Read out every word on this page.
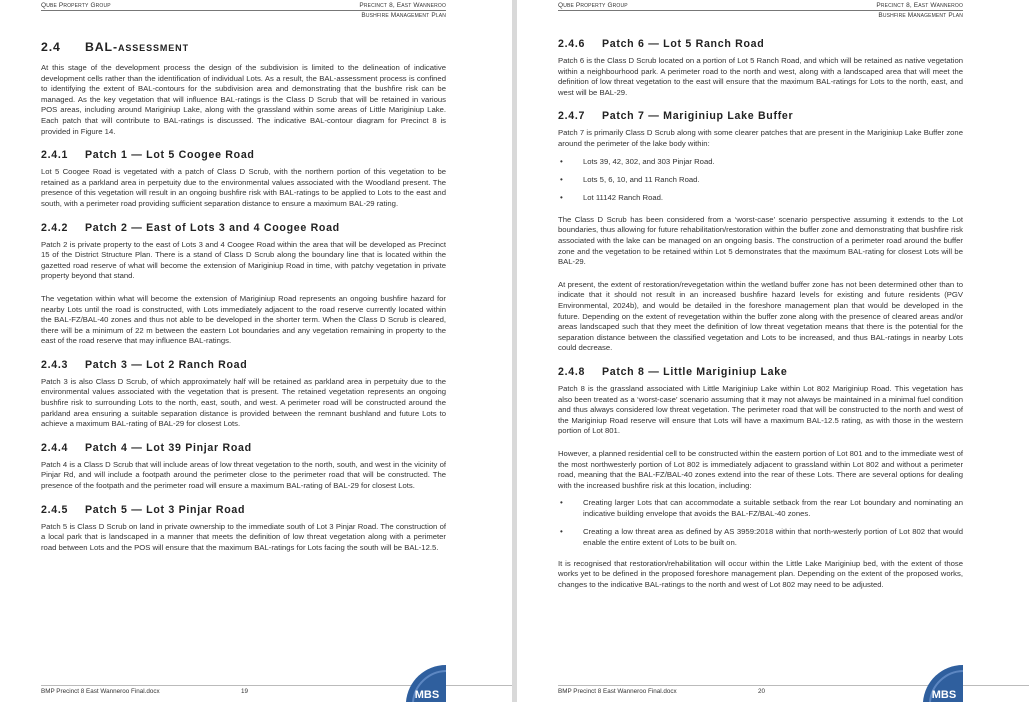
Qube Property Group	Precinct 8, East Wanneroo
Bushfire Management Plan
2.4 BAL-assessment

At this stage of the development process the design of the subdivision is limited to the delineation of indicative development cells rather than the identification of individual Lots. As a result, the BAL-assessment process is confined to identifying the extent of BAL-contours for the subdivision area and demonstrating that the bushfire risk can be managed. As the key vegetation that will influence BAL-ratings is the Class D Scrub that will be retained in various POS areas, including around Mariginiup Lake, along with the grassland within some areas of Little Mariginiup Lake. Each patch that will contribute to BAL-ratings is discussed. The indicative BAL-contour diagram for Precinct 8 is provided in Figure 14.

2.4.1 Patch 1 — Lot 5 Coogee Road

Lot 5 Coogee Road is vegetated with a patch of Class D Scrub, with the northern portion of this vegetation to be retained as a parkland area in perpetuity due to the environmental values associated with the Woodland present. The presence of this vegetation will result in an ongoing bushfire risk with BAL-ratings to be applied to Lots to the east and south, with a perimeter road providing sufficient separation distance to ensure a maximum BAL-29 rating.

2.4.2 Patch 2 — East of Lots 3 and 4 Coogee Road

Patch 2 is private property to the east of Lots 3 and 4 Coogee Road within the area that will be developed as Precinct 15 of the District Structure Plan. There is a stand of Class D Scrub along the boundary line that is located within the gazetted road reserve of what will become the extension of Mariginiup Road in time, with patchy vegetation in private property beyond that stand.

The vegetation within what will become the extension of Mariginiup Road represents an ongoing bushfire hazard for nearby Lots until the road is constructed, with Lots immediately adjacent to the road reserve currently located within the BAL-FZ/BAL-40 zones and thus not able to be developed in the shorter term. When the Class D Scrub is cleared, there will be a minimum of 22 m between the eastern Lot boundaries and any vegetation remaining in property to the east of the road reserve that may influence BAL-ratings.

2.4.3 Patch 3 — Lot 2 Ranch Road

Patch 3 is also Class D Scrub, of which approximately half will be retained as parkland area in perpetuity due to the environmental values associated with the vegetation that is present. The retained vegetation represents an ongoing bushfire risk to surrounding Lots to the north, east, south, and west. A perimeter road will be constructed around the parkland area ensuring a suitable separation distance is provided between the remnant bushland and future Lots to achieve a maximum BAL-rating of BAL-29 for closest Lots.

2.4.4 Patch 4 — Lot 39 Pinjar Road

Patch 4 is a Class D Scrub that will include areas of low threat vegetation to the north, south, and west in the vicinity of Pinjar Rd, and will include a footpath around the perimeter close to the perimeter road that will be constructed. The presence of the footpath and the perimeter road will ensure a maximum BAL-rating of BAL-29 for closest Lots.

2.4.5 Patch 5 — Lot 3 Pinjar Road

Patch 5 is Class D Scrub on land in private ownership to the immediate south of Lot 3 Pinjar Road. The construction of a local park that is landscaped in a manner that meets the definition of low threat vegetation along with a perimeter road between Lots and the POS will ensure that the maximum BAL-ratings for Lots facing the south will be BAL-12.5.

BMP Precinct 8 East Wanneroo Final.docx	19	MBS
Qube Property Group	Precinct 8, East Wanneroo
Bushfire Management Plan
2.4.6 Patch 6 — Lot 5 Ranch Road

Patch 6 is the Class D Scrub located on a portion of Lot 5 Ranch Road, and which will be retained as native vegetation within a neighbourhood park. A perimeter road to the north and west, along with a landscaped area that will meet the definition of low threat vegetation to the east will ensure that the maximum BAL-ratings for Lots to the north, east, and west will be BAL-29.

2.4.7 Patch 7 — Mariginiup Lake Buffer

Patch 7 is primarily Class D Scrub along with some clearer patches that are present in the Mariginiup Lake Buffer zone around the perimeter of the lake body within:

• Lots 39, 42, 302, and 303 Pinjar Road.
• Lots 5, 6, 10, and 11 Ranch Road.
• Lot 11142 Ranch Road.

The Class D Scrub has been considered from a ‘worst-case’ scenario perspective assuming it extends to the Lot boundaries, thus allowing for future rehabilitation/restoration within the buffer zone and demonstrating that bushfire risk associated with the lake can be managed on an ongoing basis. The construction of a perimeter road around the buffer zone and the vegetation to be retained within Lot 5 demonstrates that the maximum BAL-rating for closest Lots will be BAL-29.

At present, the extent of restoration/revegetation within the wetland buffer zone has not been determined other than to indicate that it should not result in an increased bushfire hazard levels for existing and future residents (PGV Environmental, 2024b), and would be detailed in the foreshore management plan that would be developed in the future. Depending on the extent of revegetation within the buffer zone along with the presence of cleared areas and/or areas landscaped such that they meet the definition of low threat vegetation means that there is the potential for the separation distance between the classified vegetation and Lots to be increased, and thus BAL-ratings in nearby Lots could decrease.

2.4.8 Patch 8 — Little Mariginiup Lake

Patch 8 is the grassland associated with Little Mariginiup Lake within Lot 802 Mariginiup Road. This vegetation has also been treated as a ‘worst-case’ scenario assuming that it may not always be maintained in a minimal fuel condition and thus always considered low threat vegetation. The perimeter road that will be constructed to the north and west of the Mariginiup Road reserve will ensure that Lots will have a maximum BAL-12.5 rating, as with those in the western portion of Lot 801.

However, a planned residential cell to be constructed within the eastern portion of Lot 801 and to the immediate west of the most northwesterly portion of Lot 802 is immediately adjacent to grassland within Lot 802 and without a perimeter road, meaning that the BAL-FZ/BAL-40 zones extend into the rear of these Lots. There are several options for dealing with the increased bushfire risk at this location, including:

• Creating larger Lots that can accommodate a suitable setback from the rear Lot boundary and nominating an indicative building envelope that avoids the BAL-FZ/BAL-40 zones.
• Creating a low threat area as defined by AS 3959:2018 within that north-westerly portion of Lot 802 that would enable the entire extent of Lots to be built on.

It is recognised that restoration/rehabilitation will occur within the Little Lake Mariginiup bed, with the extent of those works yet to be defined in the proposed foreshore management plan. Depending on the extent of the proposed works, changes to the indicative BAL-ratings to the north and west of Lot 802 may need to be adjusted.

BMP Precinct 8 East Wanneroo Final.docx	20	MBS
